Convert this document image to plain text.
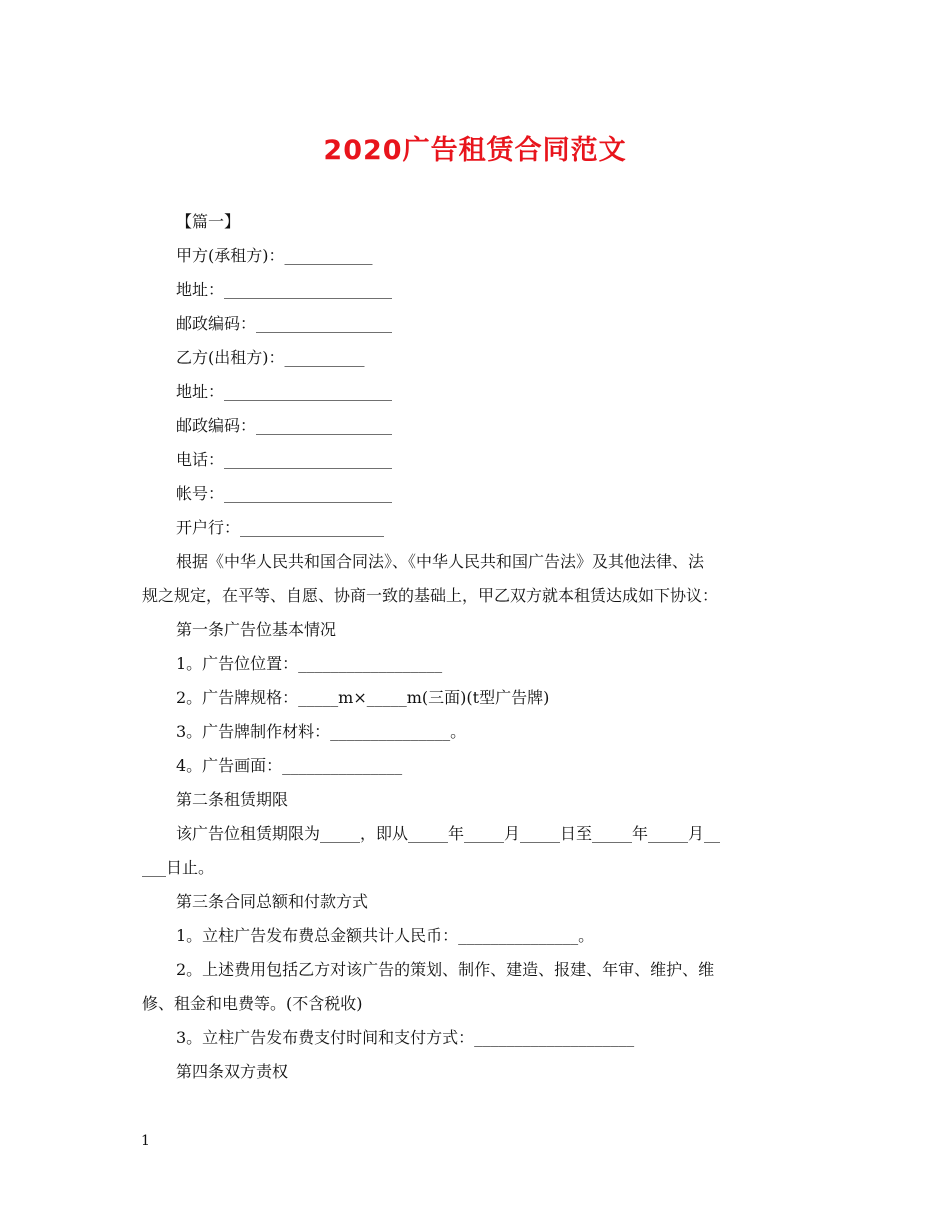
2020广告租赁合同范文

【篇一】

甲方(承租方)：___________

地址：_____________________

邮政编码：_________________

乙方(出租方)：__________

地址：_____________________

邮政编码：_________________

电话：_____________________

帐号：_____________________

开户行：__________________

根据《中华人民共和国合同法》、《中华人民共和国广告法》及其他法律、法

规之规定，在平等、自愿、协商一致的基础上，甲乙双方就本租赁达成如下协议：

第一条广告位基本情况

1。广告位位置：__________________

2。广告牌规格：_____m×_____m(三面)(t型广告牌)

3。广告牌制作材料：_______________。

4。广告画面：_______________

第二条租赁期限

该广告位租赁期限为_____，即从_____年_____月_____日至_____年_____月__

___日止。

第三条合同总额和付款方式

1。立柱广告发布费总金额共计人民币：_______________。

2。上述费用包括乙方对该广告的策划、制作、建造、报建、年审、维护、维

修、租金和电费等。(不含税收)

3。立柱广告发布费支付时间和支付方式：____________________

第四条双方责权

1
